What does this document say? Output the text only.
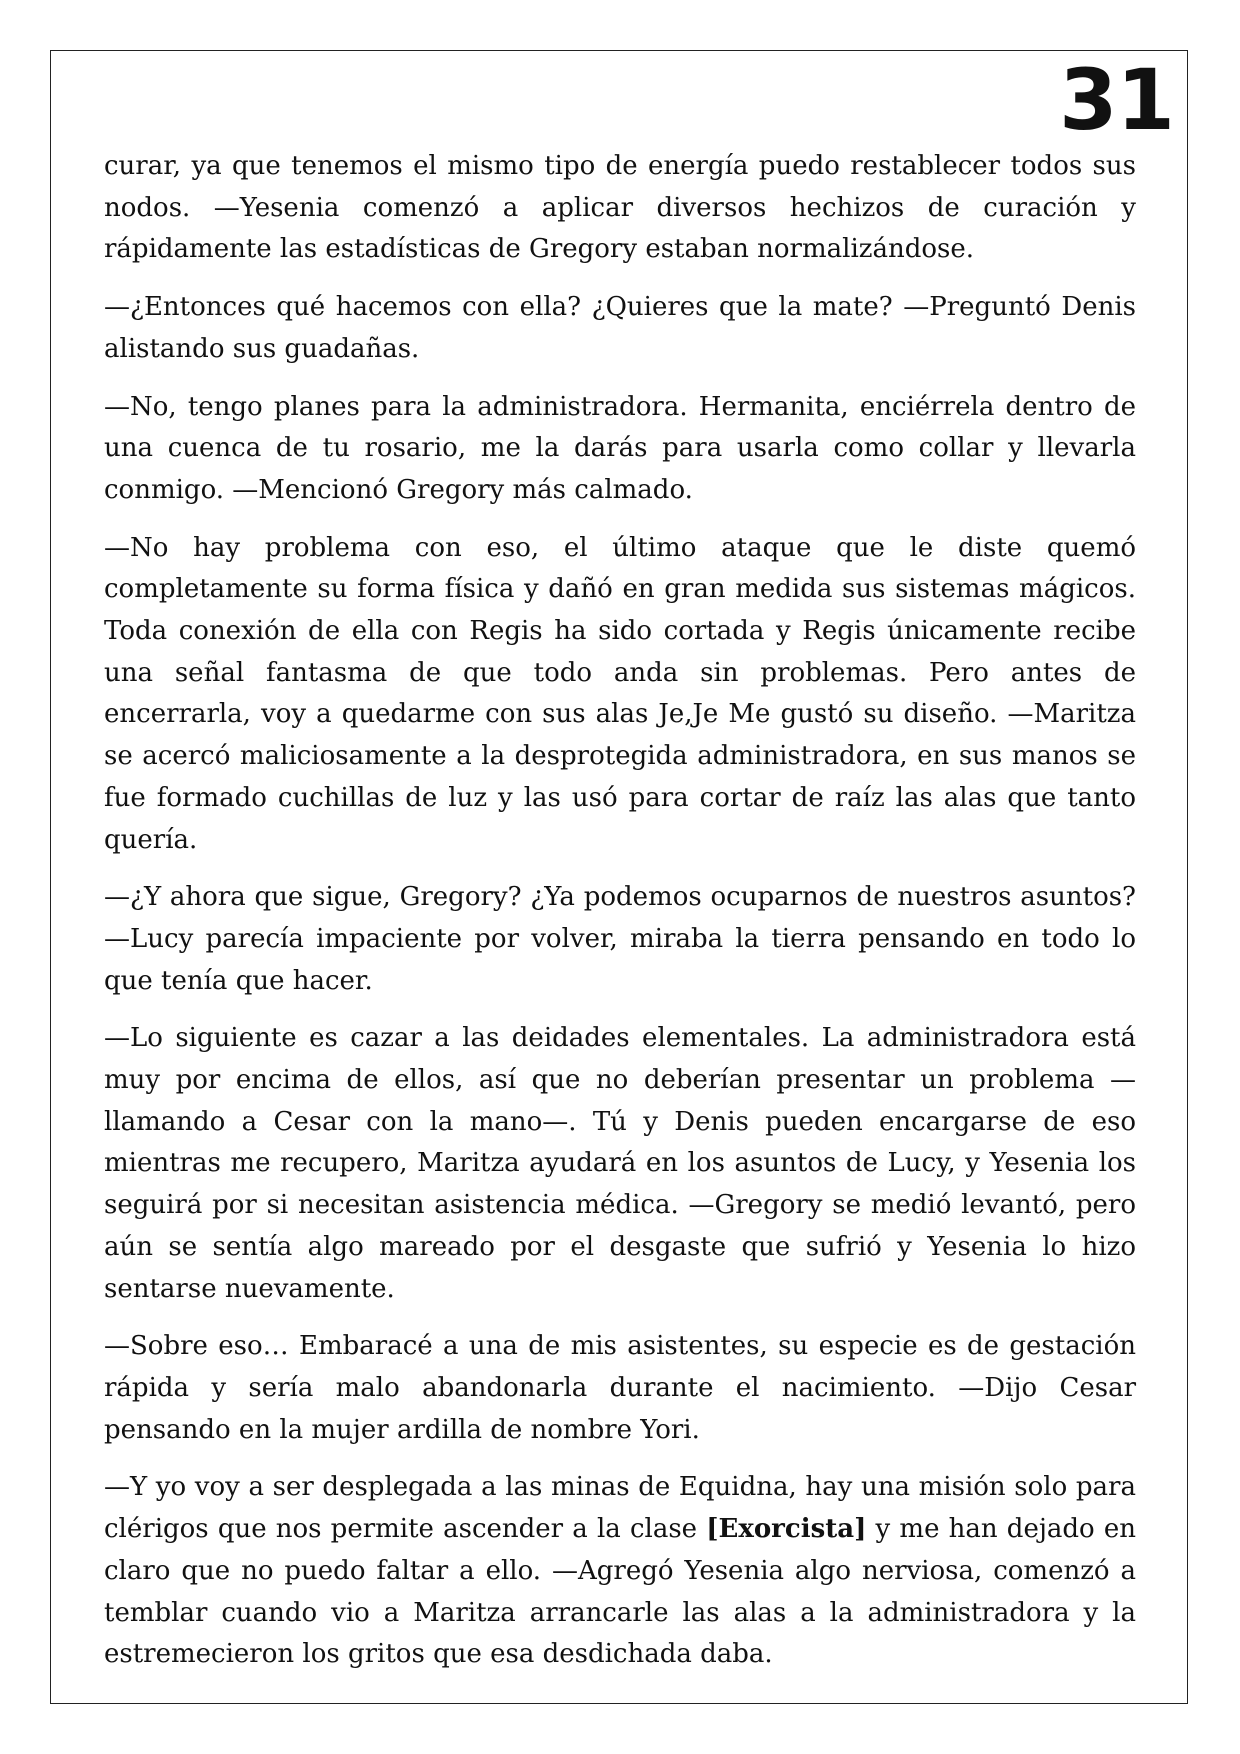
31

curar, ya que tenemos el mismo tipo de energía puedo restablecer todos sus nodos. —Yesenia comenzó a aplicar diversos hechizos de curación y rápidamente las estadísticas de Gregory estaban normalizándose.

—¿Entonces qué hacemos con ella? ¿Quieres que la mate? —Preguntó Denis alistando sus guadañas.

—No, tengo planes para la administradora. Hermanita, enciérrela dentro de una cuenca de tu rosario, me la darás para usarla como collar y llevarla conmigo. —Mencionó Gregory más calmado.

—No hay problema con eso, el último ataque que le diste quemó completamente su forma física y dañó en gran medida sus sistemas mágicos. Toda conexión de ella con Regis ha sido cortada y Regis únicamente recibe una señal fantasma de que todo anda sin problemas. Pero antes de encerrarla, voy a quedarme con sus alas Je,Je Me gustó su diseño. —Maritza se acercó maliciosamente a la desprotegida administradora, en sus manos se fue formado cuchillas de luz y las usó para cortar de raíz las alas que tanto quería.

—¿Y ahora que sigue, Gregory? ¿Ya podemos ocuparnos de nuestros asuntos? —Lucy parecía impaciente por volver, miraba la tierra pensando en todo lo que tenía que hacer.

—Lo siguiente es cazar a las deidades elementales. La administradora está muy por encima de ellos, así que no deberían presentar un problema —llamando a Cesar con la mano—. Tú y Denis pueden encargarse de eso mientras me recupero, Maritza ayudará en los asuntos de Lucy, y Yesenia los seguirá por si necesitan asistencia médica. —Gregory se medió levantó, pero aún se sentía algo mareado por el desgaste que sufrió y Yesenia lo hizo sentarse nuevamente.

—Sobre eso… Embaracé a una de mis asistentes, su especie es de gestación rápida y sería malo abandonarla durante el nacimiento. —Dijo Cesar pensando en la mujer ardilla de nombre Yori.

—Y yo voy a ser desplegada a las minas de Equidna, hay una misión solo para clérigos que nos permite ascender a la clase [Exorcista] y me han dejado en claro que no puedo faltar a ello. —Agregó Yesenia algo nerviosa, comenzó a temblar cuando vio a Maritza arrancarle las alas a la administradora y la estremecieron los gritos que esa desdichada daba.
